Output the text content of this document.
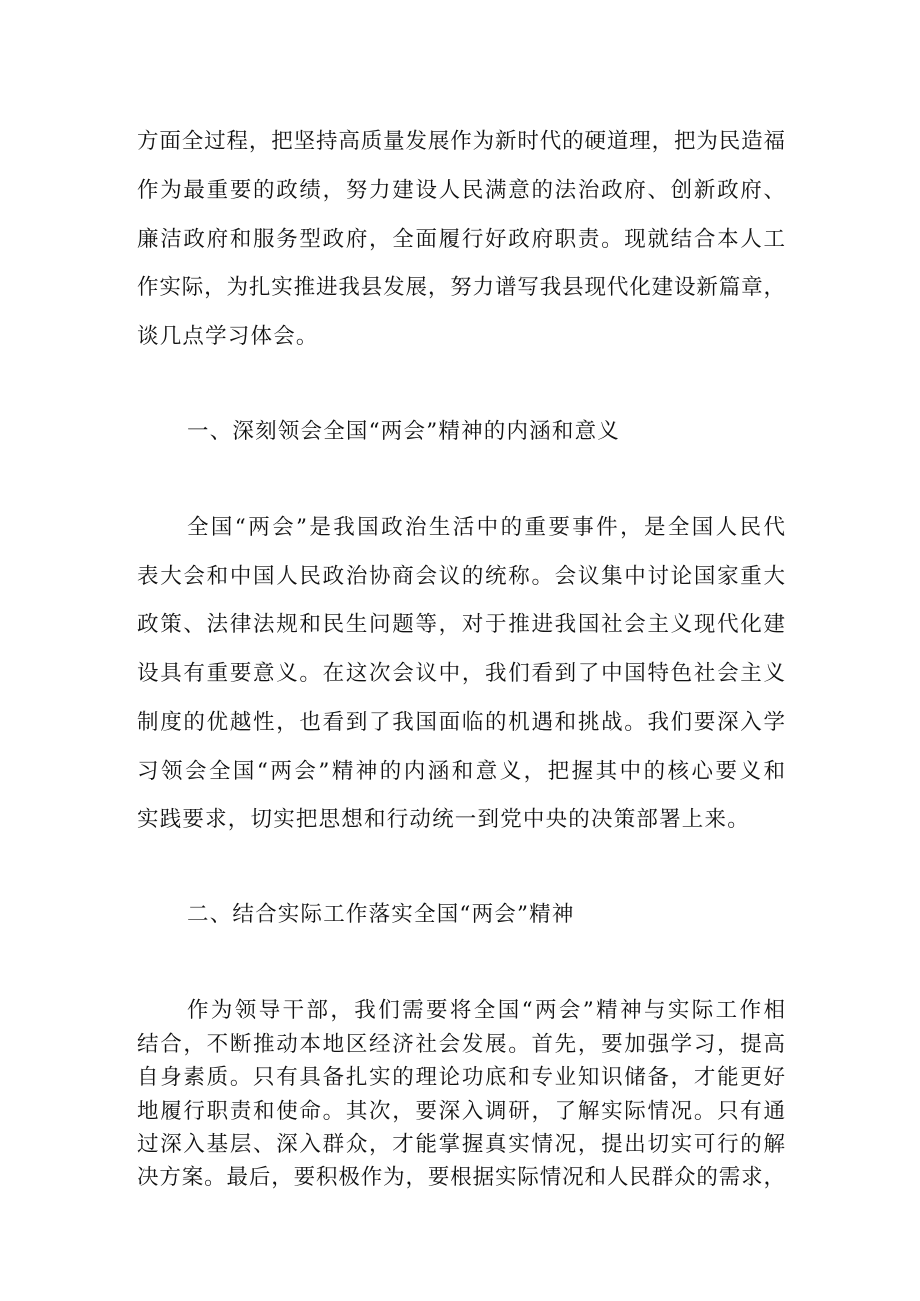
方面全过程，把坚持高质量发展作为新时代的硬道理，把为民造福
作为最重要的政绩，努力建设人民满意的法治政府、创新政府、
廉洁政府和服务型政府，全面履行好政府职责。现就结合本人工
作实际，为扎实推进我县发展，努力谱写我县现代化建设新篇章，
谈几点学习体会。
一、深刻领会全国“两会”精神的内涵和意义
全国“两会”是我国政治生活中的重要事件，是全国人民代
表大会和中国人民政治协商会议的统称。会议集中讨论国家重大
政策、法律法规和民生问题等，对于推进我国社会主义现代化建
设具有重要意义。在这次会议中，我们看到了中国特色社会主义
制度的优越性，也看到了我国面临的机遇和挑战。我们要深入学
习领会全国“两会”精神的内涵和意义，把握其中的核心要义和
实践要求，切实把思想和行动统一到党中央的决策部署上来。
二、结合实际工作落实全国“两会”精神
作为领导干部，我们需要将全国“两会”精神与实际工作相
结合，不断推动本地区经济社会发展。首先，要加强学习，提高
自身素质。只有具备扎实的理论功底和专业知识储备，才能更好
地履行职责和使命。其次，要深入调研，了解实际情况。只有通
过深入基层、深入群众，才能掌握真实情况，提出切实可行的解
决方案。最后，要积极作为，要根据实际情况和人民群众的需求，
